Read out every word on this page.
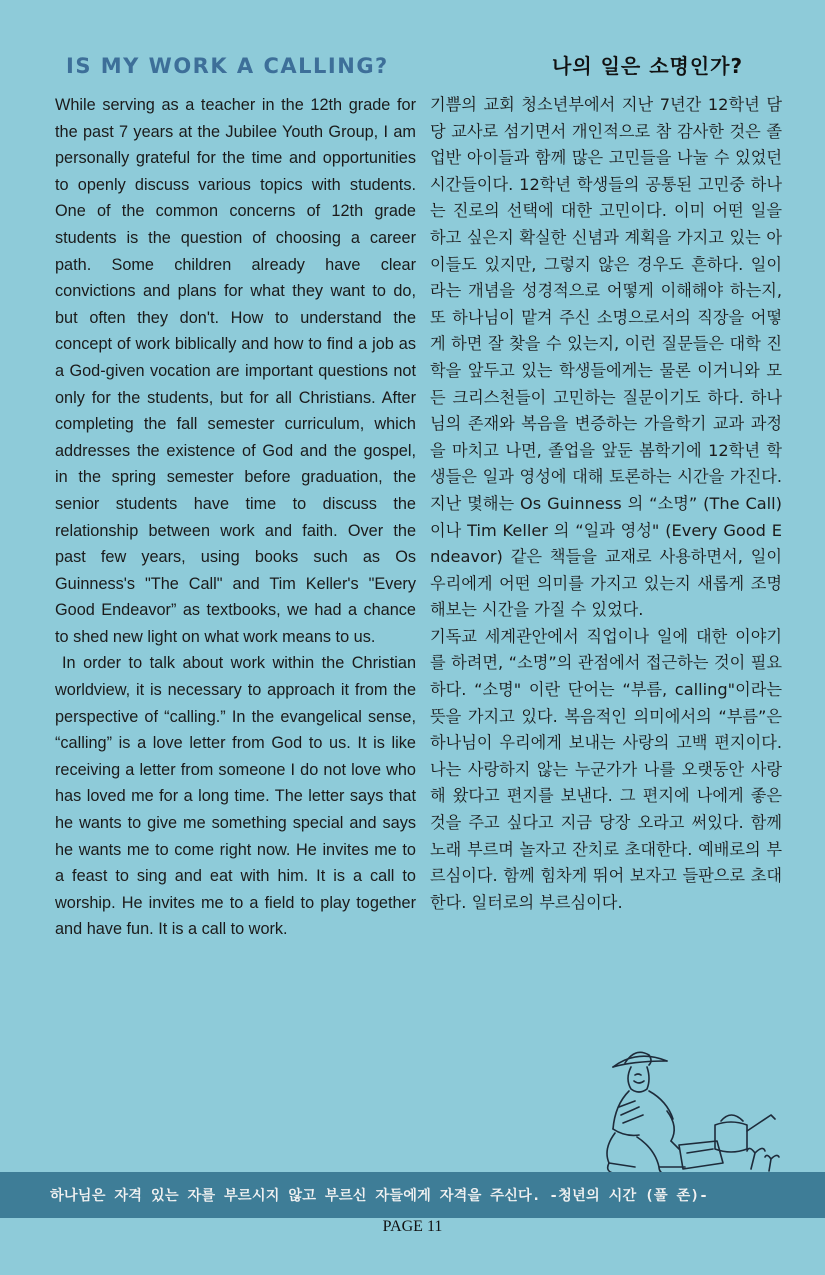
IS MY WORK A CALLING?	나의 일은 소명인가?

While serving as a teacher in the 12th grade for the past 7 years at the Jubilee Youth Group, I am personally grateful for the time and opportunities to openly discuss various topics with students. One of the common concerns of 12th grade students is the question of choosing a career path. Some children already have clear convictions and plans for what they want to do, but often they don't. How to understand the concept of work biblically and how to find a job as a God-given vocation are important questions not only for the students, but for all Christians. After completing the fall semester curriculum, which addresses the existence of God and the gospel, in the spring semester before graduation, the senior students have time to discuss the relationship between work and faith. Over the past few years, using books such as Os Guinness's "The Call" and Tim Keller's "Every Good Endeavor” as textbooks, we had a chance to shed new light on what work means to us.

In order to talk about work within the Christian worldview, it is necessary to approach it from the perspective of “calling.” In the evangelical sense, “calling” is a love letter from God to us. It is like receiving a letter from someone I do not love who has loved me for a long time. The letter says that he wants to give me something special and says he wants me to come right now. He invites me to a feast to sing and eat with him. It is a call to worship. He invites me to a field to play together and have fun. It is a call to work.

기쁨의 교회 청소년부에서 지난 7년간 12학년 담당 교사로 섬기면서 개인적으로 참 감사한 것은 졸업반 아이들과 함께 많은 고민들을 나눌 수 있었던 시간들이다. 12학년 학생들의 공통된 고민중 하나는 진로의 선택에 대한 고민이다. 이미 어떤 일을 하고 싶은지 확실한 신념과 계획을 가지고 있는 아이들도 있지만, 그렇지 않은 경우도 흔하다. 일이라는 개념을 성경적으로 어떻게 이해해야 하는지, 또 하나님이 맡겨 주신 소명으로서의 직장을 어떻게 하면 잘 찾을 수 있는지, 이런 질문들은 대학 진학을 앞두고 있는 학생들에게는 물론 이거니와 모든 크리스천들이 고민하는 질문이기도 하다. 하나님의 존재와 복음을 변증하는 가을학기 교과 과정을 마치고 나면, 졸업을 앞둔 봄학기에 12학년 학생들은 일과 영성에 대해 토론하는 시간을 가진다. 지난 몇해는 Os Guinness 의 “소명” (The Call) 이나 Tim Keller 의 “일과 영성" (Every Good Endeavor) 같은 책들을 교재로 사용하면서, 일이 우리에게 어떤 의미를 가지고 있는지 새롭게 조명해보는 시간을 가질 수 있었다.

기독교 세계관안에서 직업이나 일에 대한 이야기를 하려면, “소명”의 관점에서 접근하는 것이 필요하다. “소명" 이란 단어는 “부름, calling"이라는 뜻을 가지고 있다. 복음적인 의미에서의 “부름”은 하나님이 우리에게 보내는 사랑의 고백 편지이다. 나는 사랑하지 않는 누군가가 나를 오랫동안 사랑해 왔다고 편지를 보낸다. 그 편지에 나에게 좋은 것을 주고 싶다고 지금 당장 오라고 써있다. 함께 노래 부르며 놀자고 잔치로 초대한다. 예배로의 부르심이다. 함께 힘차게 뛰어 보자고 들판으로 초대한다. 일터로의 부르심이다.

하나님은 자격 있는 자를 부르시지 않고 부르신 자들에게 자격을 주신다. -청년의 시간 (풀 존)-
PAGE 11
